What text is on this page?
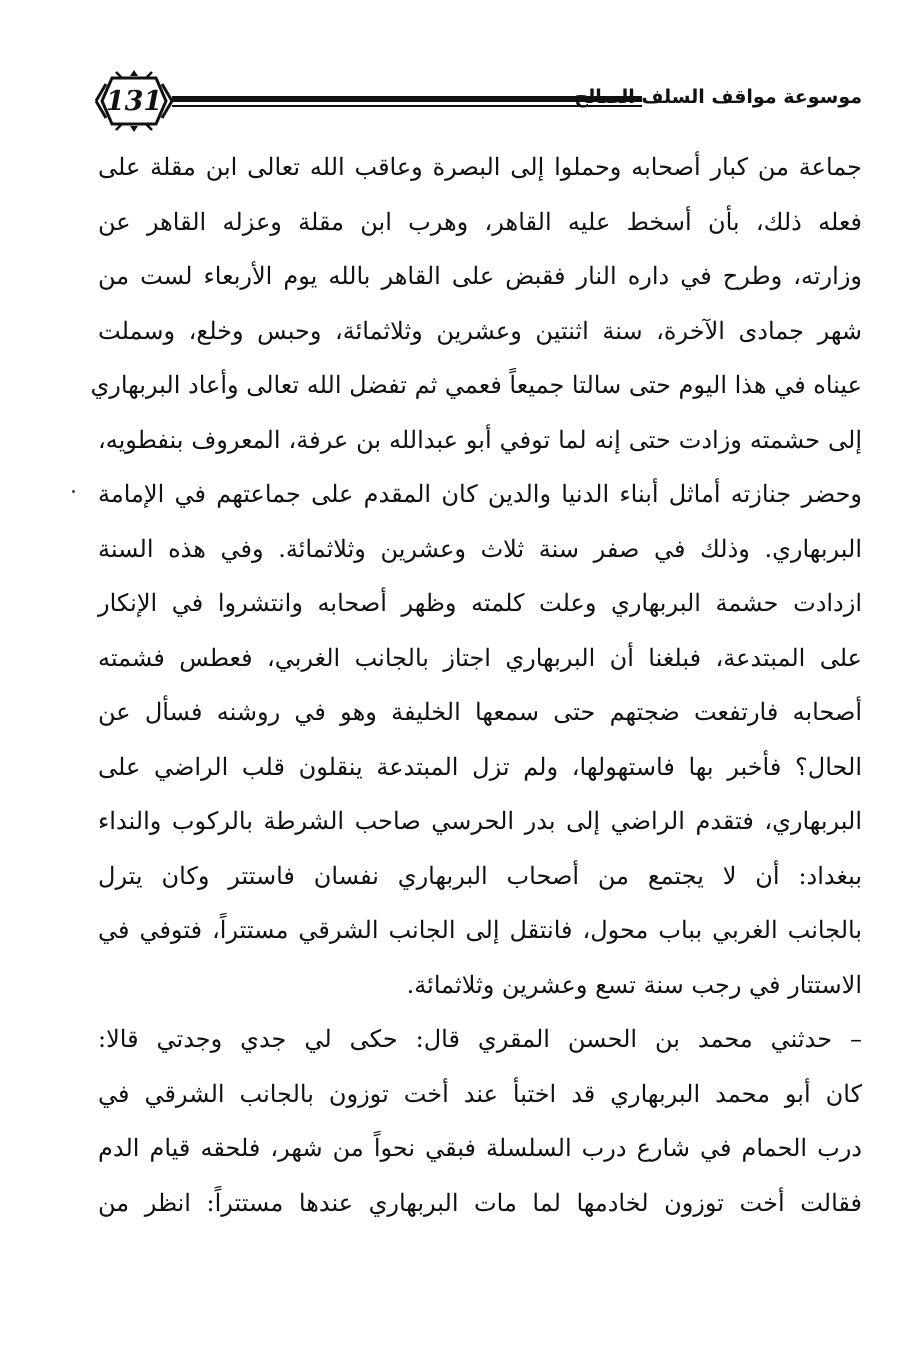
131	موسوعة مواقف السلف الصالح
جماعة من كبار أصحابه وحملوا إلى البصرة وعاقب الله تعالى ابن مقلة على
فعله ذلك، بأن أسخط عليه القاهر، وهرب ابن مقلة وعزله القاهر عن
وزارته، وطرح في داره النار فقبض على القاهر بالله يوم الأربعاء لست من
شهر جمادى الآخرة، سنة اثنتين وعشرين وثلاثمائة، وحبس وخلع، وسملت
عيناه في هذا اليوم حتى سالتا جميعاً فعمي ثم تفضل الله تعالى وأعاد البربهاري
إلى حشمته وزادت حتى إنه لما توفي أبو عبدالله بن عرفة، المعروف بنفطويه،
وحضر جنازته أماثل أبناء الدنيا والدين كان المقدم على جماعتهم في الإمامة
البربهاري. وذلك في صفر سنة ثلاث وعشرين وثلاثمائة. وفي هذه السنة
ازدادت حشمة البربهاري وعلت كلمته وظهر أصحابه وانتشروا في الإنكار
على المبتدعة، فبلغنا أن البربهاري اجتاز بالجانب الغربي، فعطس فشمته
أصحابه فارتفعت ضجتهم حتى سمعها الخليفة وهو في روشنه فسأل عن
الحال؟ فأخبر بها فاستهولها، ولم تزل المبتدعة ينقلون قلب الراضي على
البربهاري، فتقدم الراضي إلى بدر الحرسي صاحب الشرطة بالركوب والنداء
ببغداد: أن لا يجتمع من أصحاب البربهاري نفسان فاستتر وكان يترل
بالجانب الغربي بباب محول، فانتقل إلى الجانب الشرقي مستتراً، فتوفي في
الاستتار في رجب سنة تسع وعشرين وثلاثمائة.
– حدثني محمد بن الحسن المقري قال: حكى لي جدي وجدتي قالا:
كان أبو محمد البربهاري قد اختبأ عند أخت توزون بالجانب الشرقي في
درب الحمام في شارع درب السلسلة فبقي نحواً من شهر، فلحقه قيام الدم
فقالت أخت توزون لخادمها لما مات البربهاري عندها مستتراً: انظر من
